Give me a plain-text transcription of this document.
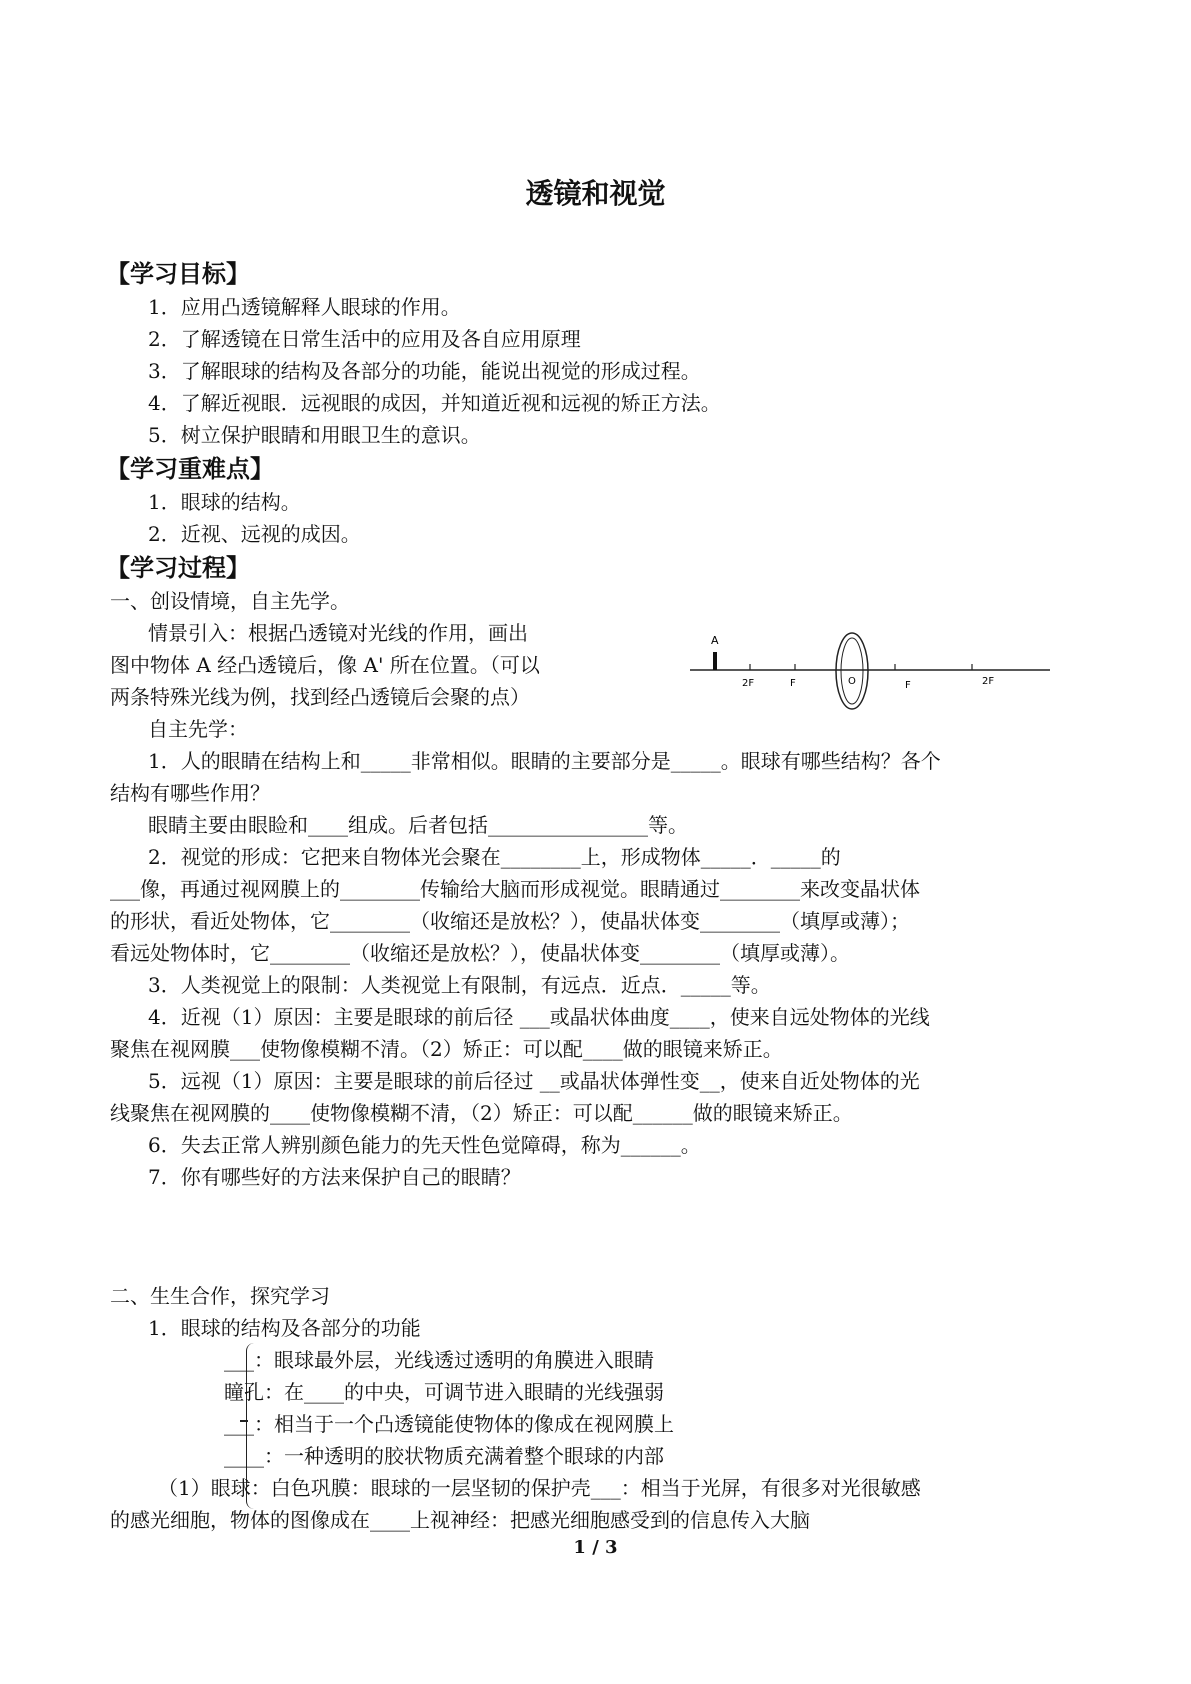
透镜和视觉
【学习目标】
1．应用凸透镜解释人眼球的作用。
2．了解透镜在日常生活中的应用及各自应用原理
3．了解眼球的结构及各部分的功能，能说出视觉的形成过程。
4．了解近视眼．远视眼的成因，并知道近视和远视的矫正方法。
5．树立保护眼睛和用眼卫生的意识。
【学习重难点】
1．眼球的结构。
2．近视、远视的成因。
【学习过程】
一、创设情境，自主先学。
情景引入：根据凸透镜对光线的作用，画出
图中物体 A 经凸透镜后，像 A' 所在位置。（可以
两条特殊光线为例，找到经凸透镜后会聚的点）
A
2F	F	O	F	2F
自主先学：
1．人的眼睛在结构上和_____非常相似。眼睛的主要部分是_____。眼球有哪些结构？各个
结构有哪些作用？
眼睛主要由眼睑和____组成。后者包括________________等。
2．视觉的形成：它把来自物体光会聚在________上，形成物体_____．_____的
___像，再通过视网膜上的________传输给大脑而形成视觉。眼睛通过________来改变晶状体
的形状，看近处物体，它________（收缩还是放松？），使晶状体变________（填厚或薄）；
看远处物体时，它________（收缩还是放松？），使晶状体变________（填厚或薄）。
3．人类视觉上的限制：人类视觉上有限制，有远点．近点．_____等。
4．近视（1）原因：主要是眼球的前后径 ___或晶状体曲度____，使来自远处物体的光线
聚焦在视网膜___使物像模糊不清。（2）矫正：可以配____做的眼镜来矫正。
5．远视（1）原因：主要是眼球的前后径过 __或晶状体弹性变__，使来自近处物体的光
线聚焦在视网膜的____使物像模糊不清，（2）矫正：可以配______做的眼镜来矫正。
6．失去正常人辨别颜色能力的先天性色觉障碍，称为______。
7．你有哪些好的方法来保护自己的眼睛？
二、生生合作，探究学习
1．眼球的结构及各部分的功能
___：眼球最外层，光线透过透明的角膜进入眼睛
瞳孔：在____的中央，可调节进入眼睛的光线强弱
___：相当于一个凸透镜能使物体的像成在视网膜上
____：一种透明的胶状物质充满着整个眼球的内部
（1）眼球：白色巩膜：眼球的一层坚韧的保护壳___：相当于光屏，有很多对光很敏感
的感光细胞，物体的图像成在____上视神经：把感光细胞感受到的信息传入大脑
1 / 3
